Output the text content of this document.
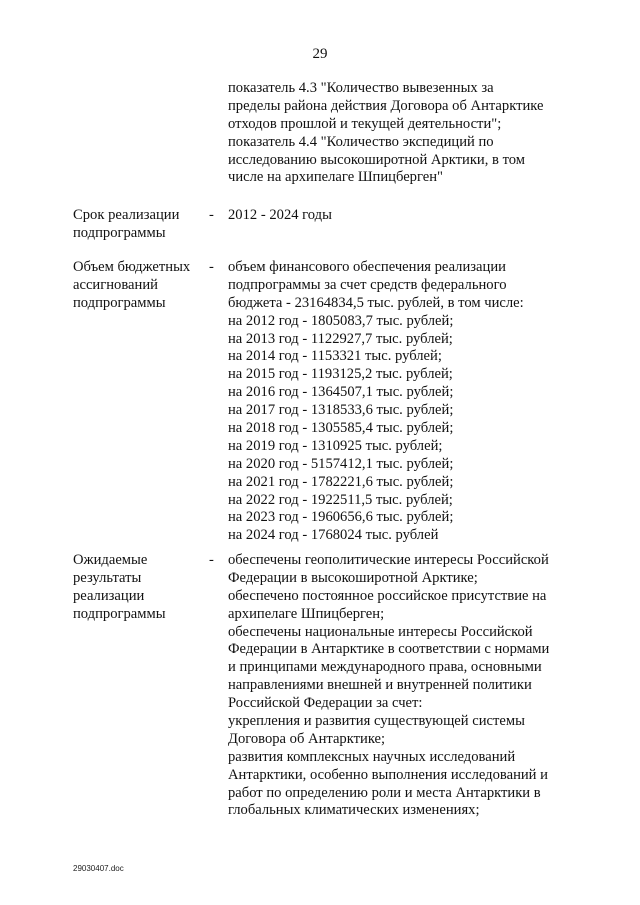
29
показатель 4.3 "Количество вывезенных за
пределы района действия Договора об Антарктике
отходов прошлой и текущей деятельности";
показатель 4.4 "Количество экспедиций по
исследованию высокоширотной Арктики, в том
числе на архипелаге Шпицберген"
Срок реализации
подпрограммы
- 2012 - 2024 годы
Объем бюджетных
ассигнований
подпрограммы
- объем финансового обеспечения реализации
подпрограммы за счет средств федерального
бюджета - 23164834,5 тыс. рублей, в том числе:
на 2012 год - 1805083,7 тыс. рублей;
на 2013 год - 1122927,7 тыс. рублей;
на 2014 год - 1153321 тыс. рублей;
на 2015 год - 1193125,2 тыс. рублей;
на 2016 год - 1364507,1 тыс. рублей;
на 2017 год - 1318533,6 тыс. рублей;
на 2018 год - 1305585,4 тыс. рублей;
на 2019 год - 1310925 тыс. рублей;
на 2020 год - 5157412,1 тыс. рублей;
на 2021 год - 1782221,6 тыс. рублей;
на 2022 год - 1922511,5 тыс. рублей;
на 2023 год - 1960656,6 тыс. рублей;
на 2024 год - 1768024 тыс. рублей
Ожидаемые
результаты
реализации
подпрограммы
- обеспечены геополитические интересы Российской
Федерации в высокоширотной Арктике;
обеспечено постоянное российское присутствие на
архипелаге Шпицберген;
обеспечены национальные интересы Российской
Федерации в Антарктике в соответствии с нормами
и принципами международного права, основными
направлениями внешней и внутренней политики
Российской Федерации за счет:
укрепления и развития существующей системы
Договора об Антарктике;
развития комплексных научных исследований
Антарктики, особенно выполнения исследований и
работ по определению роли и места Антарктики в
глобальных климатических изменениях;
29030407.doc
